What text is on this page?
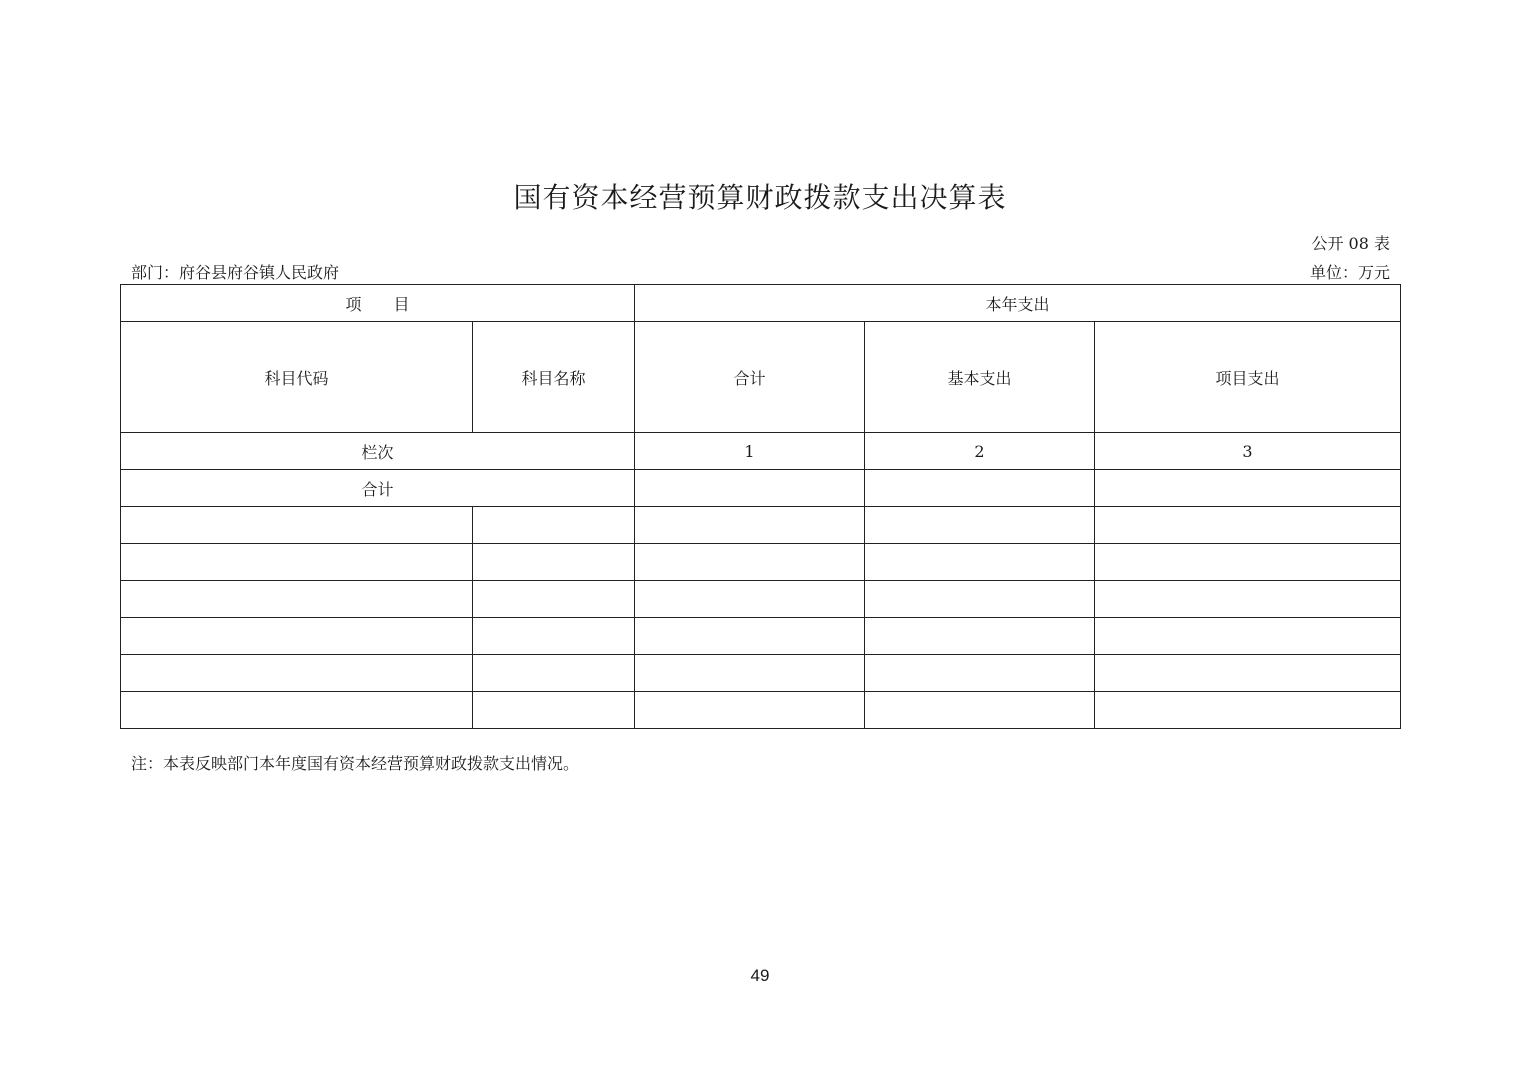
国有资本经营预算财政拨款支出决算表
公开 08 表
部门：府谷县府谷镇人民政府	单位：万元
项　　目		本年支出		
科目代码	科目名称	合计	基本支出	项目支出
栏次		1	2	3
合计				

注：本表反映部门本年度国有资本经营预算财政拨款支出情况。
49
